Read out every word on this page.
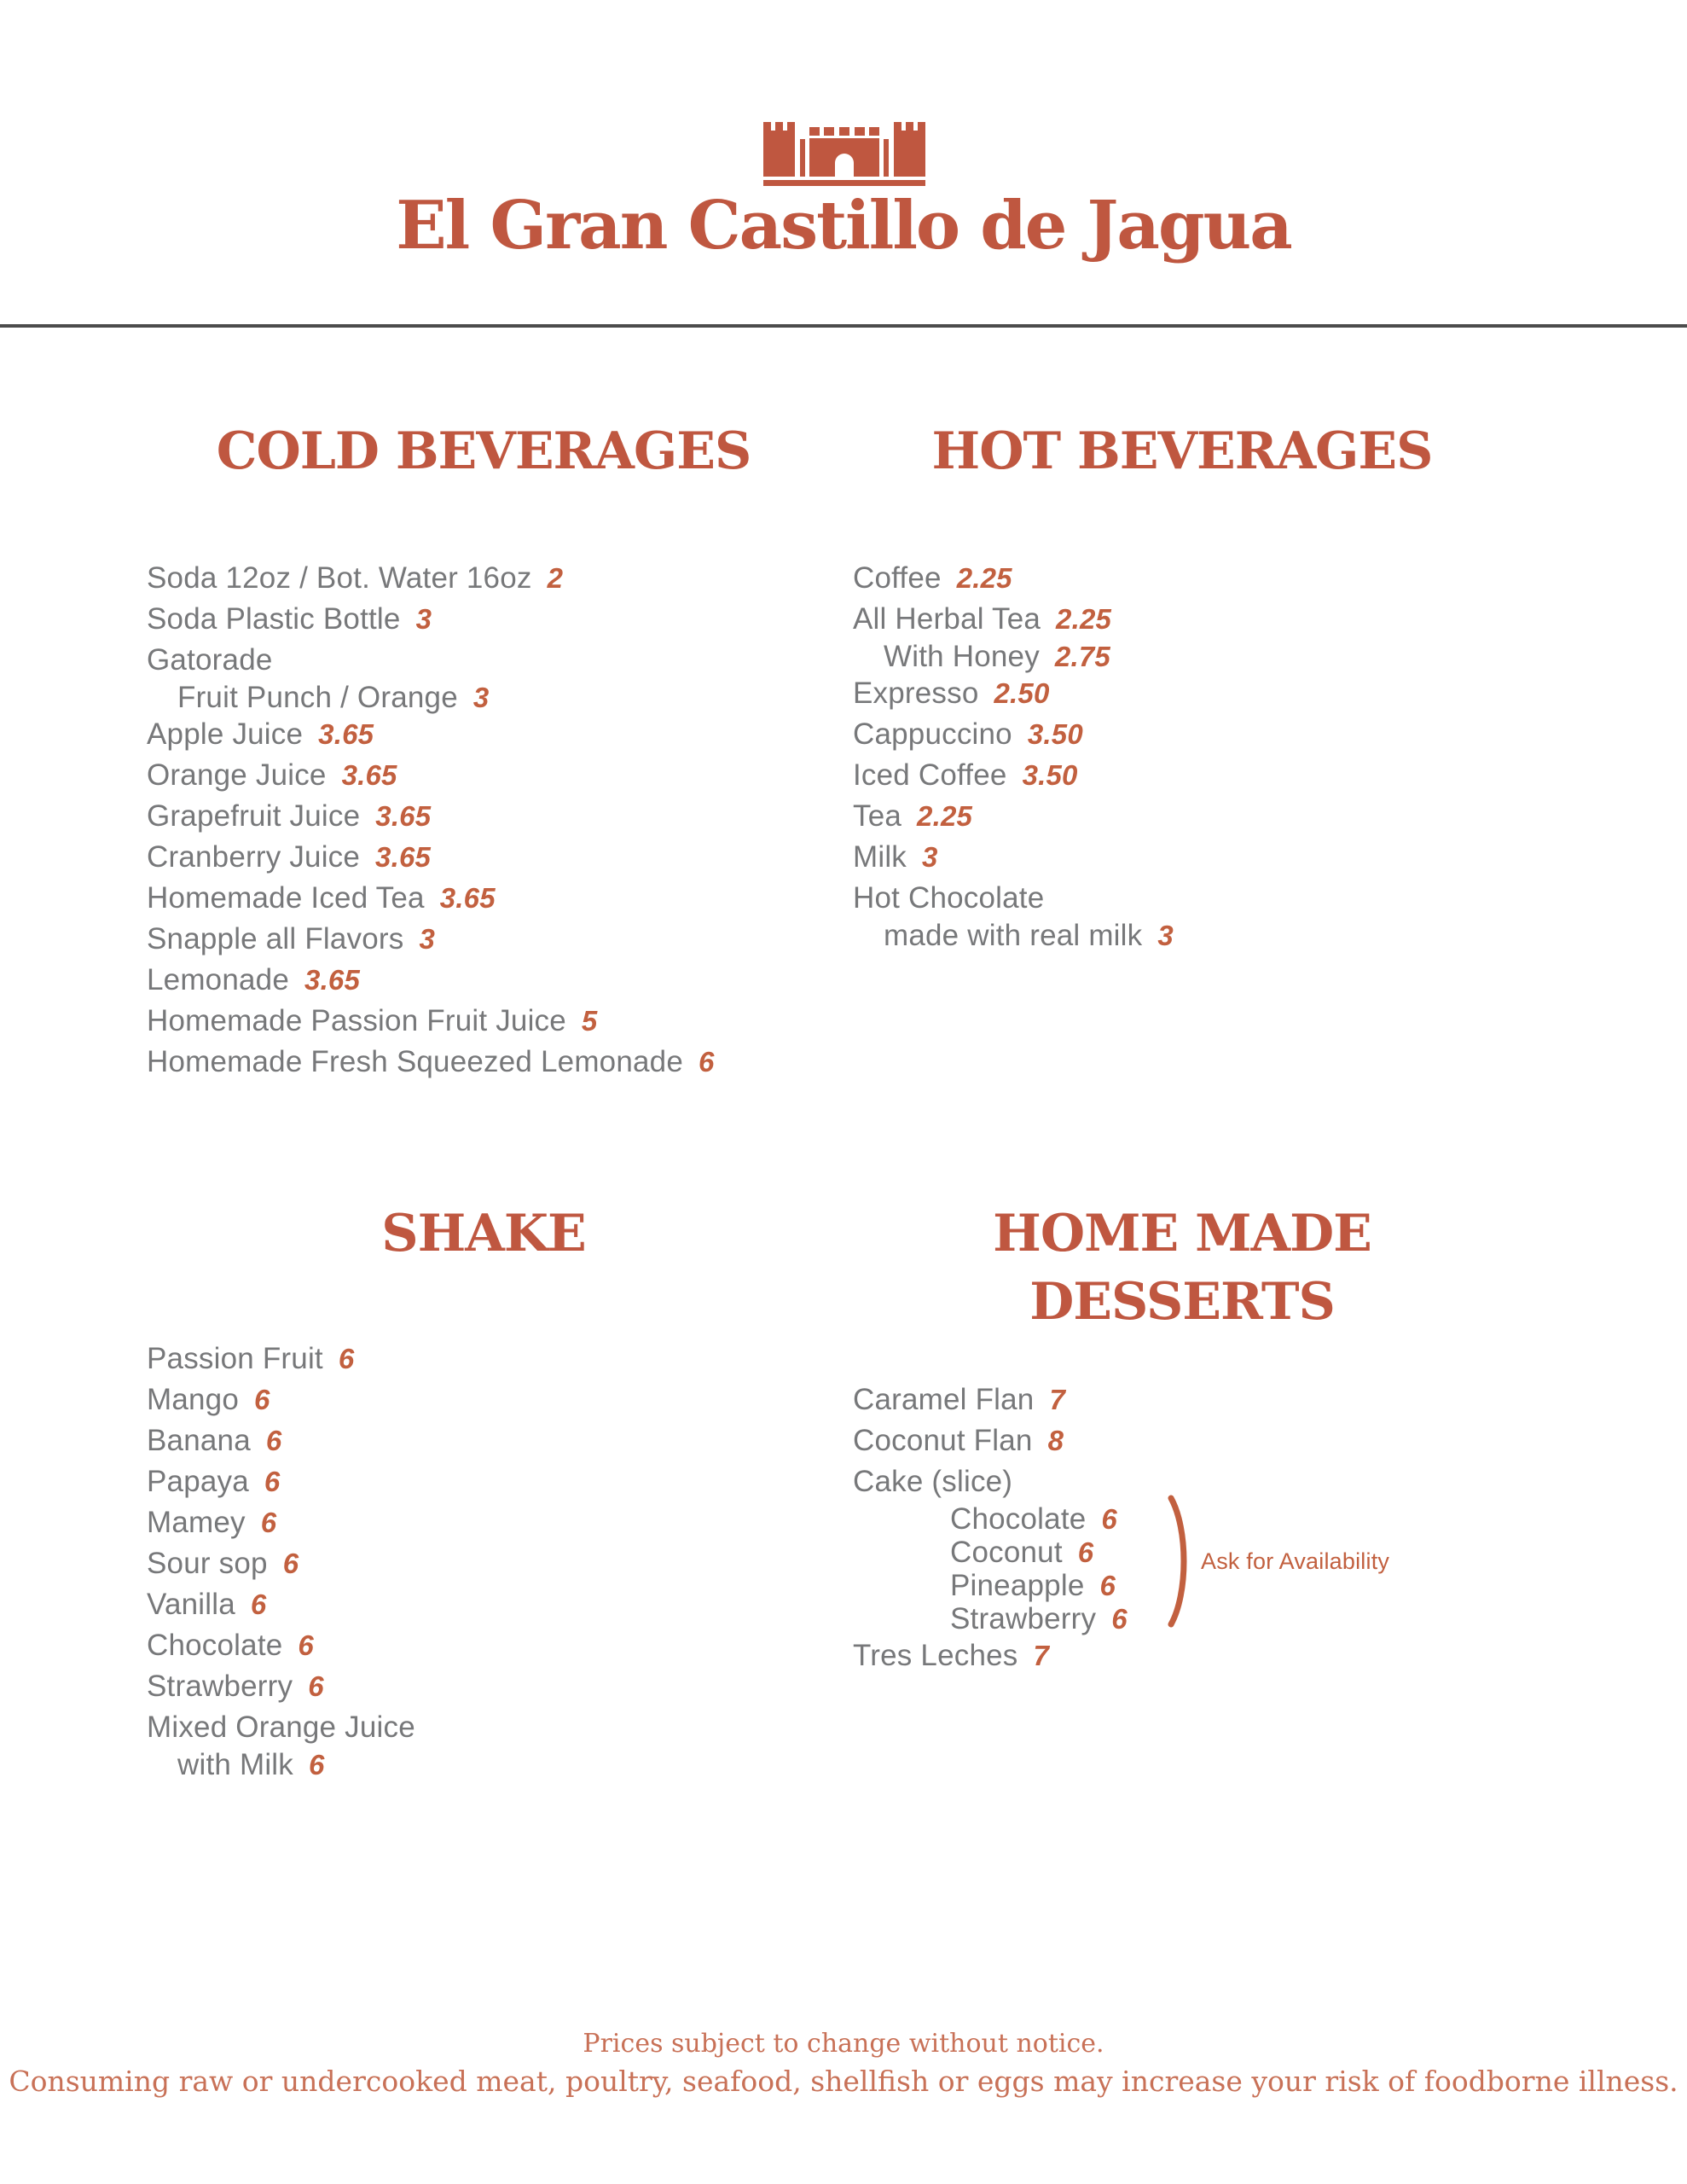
El Gran Castillo de Jagua
COLD BEVERAGES	HOT BEVERAGES
SHAKE	HOME MADE
DESSERTS
Soda 12oz / Bot. Water 16oz 2
Soda Plastic Bottle 3
Gatorade
Fruit Punch / Orange 3
Apple Juice 3.65
Orange Juice 3.65
Grapefruit Juice 3.65
Cranberry Juice 3.65
Homemade Iced Tea 3.65
Snapple all Flavors 3
Lemonade 3.65
Homemade Passion Fruit Juice 5
Homemade Fresh Squeezed Lemonade 6
Coffee 2.25
All Herbal Tea 2.25
With Honey 2.75
Expresso 2.50
Cappuccino 3.50
Iced Coffee 3.50
Tea 2.25
Milk 3
Hot Chocolate
made with real milk 3
Passion Fruit 6
Mango 6
Banana 6
Papaya 6
Mamey 6
Sour sop 6
Vanilla 6
Chocolate 6
Strawberry 6
Mixed Orange Juice
with Milk 6
Caramel Flan 7
Coconut Flan 8
Cake (slice)
Chocolate 6
Coconut 6
Pineapple 6
Strawberry 6
Tres Leches 7
Ask for Availability
Prices subject to change without notice.
Consuming raw or undercooked meat, poultry, seafood, shellfish or eggs may increase your risk of foodborne illness.
